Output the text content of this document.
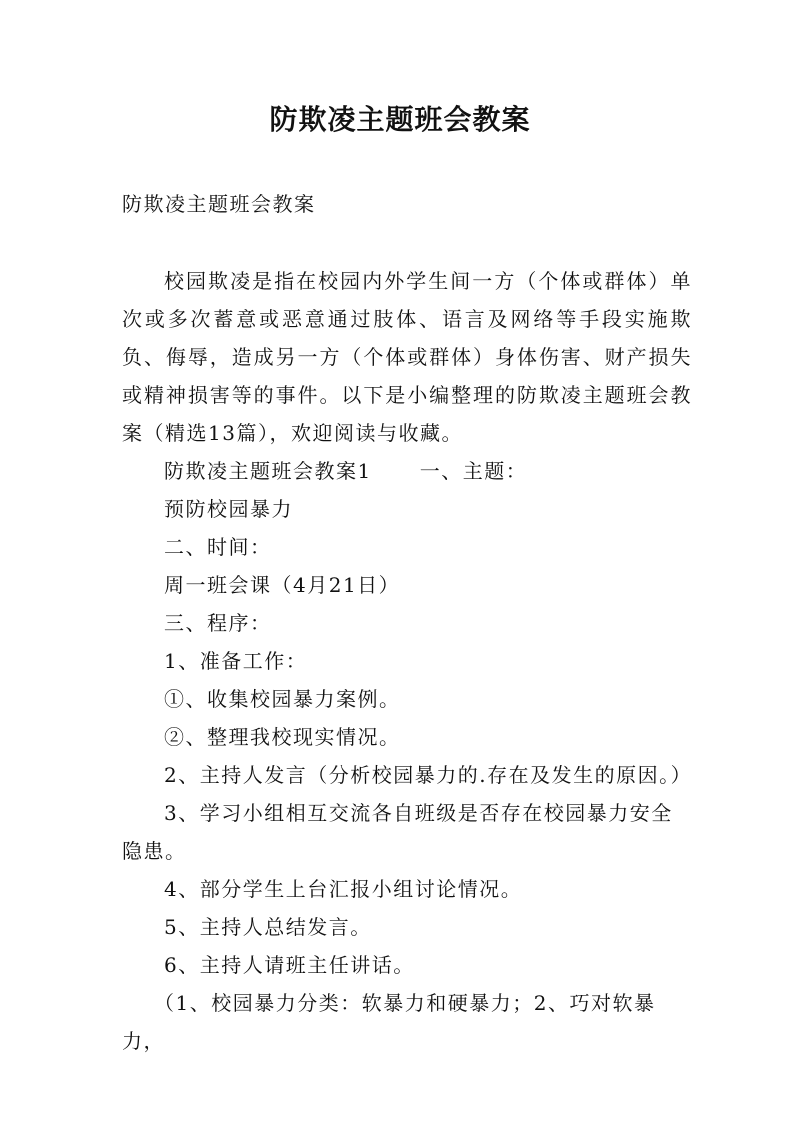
防欺凌主题班会教案
防欺凌主题班会教案

校园欺凌是指在校园内外学生间一方（个体或群体）单次或多次蓄意或恶意通过肢体、语言及网络等手段实施欺负、侮辱，造成另一方（个体或群体）身体伤害、财产损失或精神损害等的事件。以下是小编整理的防欺凌主题班会教案（精选13篇），欢迎阅读与收藏。

防欺凌主题班会教案1 一、主题：

预防校园暴力

二、时间：

周一班会课（4月21日）

三、程序：

1、准备工作：

①、收集校园暴力案例。

②、整理我校现实情况。

2、主持人发言（分析校园暴力的.存在及发生的原因。）

3、学习小组相互交流各自班级是否存在校园暴力安全隐患。

4、部分学生上台汇报小组讨论情况。

5、主持人总结发言。

6、主持人请班主任讲话。

（1、校园暴力分类：软暴力和硬暴力；2、巧对软暴力，
